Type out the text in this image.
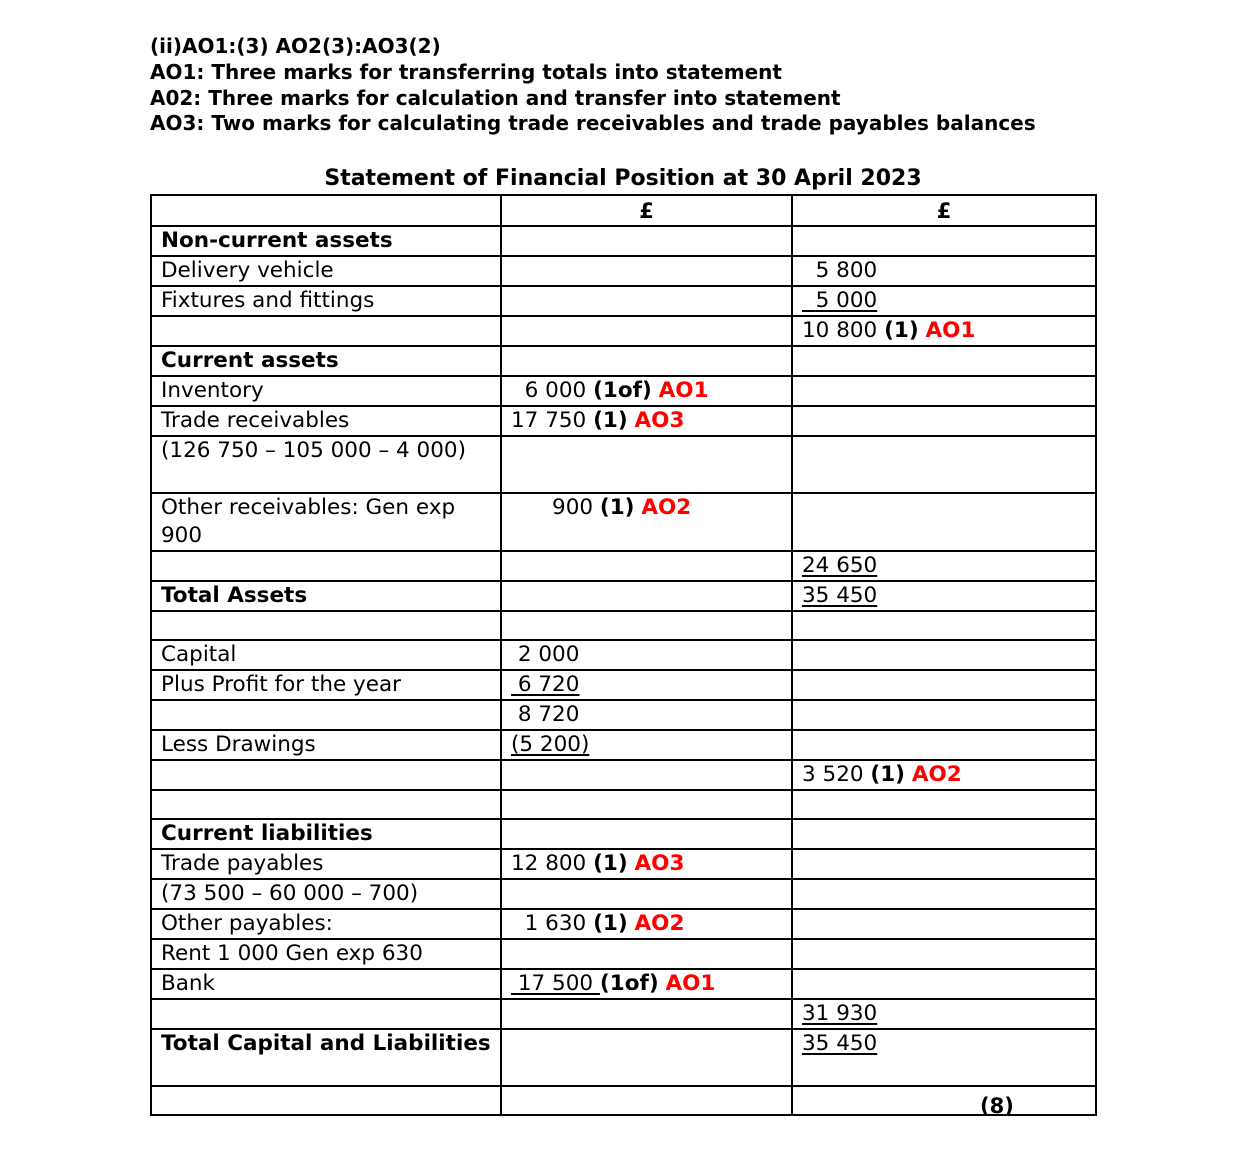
(ii)AO1:(3) AO2(3):AO3(2)
AO1: Three marks for transferring totals into statement
A02: Three marks for calculation and transfer into statement
AO3: Two marks for calculating trade receivables and trade payables balances
Statement of Financial Position at 30 April 2023
	£	£
Non-current assets		
Delivery vehicle		5 800
Fixtures and fittings		5 000
		10 800 (1) AO1
Current assets		
Inventory	6 000 (1of) AO1	
Trade receivables	17 750 (1) AO3	
(126 750 – 105 000 – 4 000)		
Other receivables: Gen exp 900	900 (1) AO2	
		24 650
Total Assets		35 450

Capital	2 000	
Plus Profit for the year	6 720	
	8 720	
Less Drawings	(5 200)	
		3 520 (1) AO2

Current liabilities		
Trade payables	12 800 (1) AO3	
(73 500 – 60 000 – 700)		
Other payables:	1 630 (1) AO2	
Rent 1 000 Gen exp 630		
Bank	17 500 (1of) AO1	
		31 930
Total Capital and Liabilities		35 450

(8)
